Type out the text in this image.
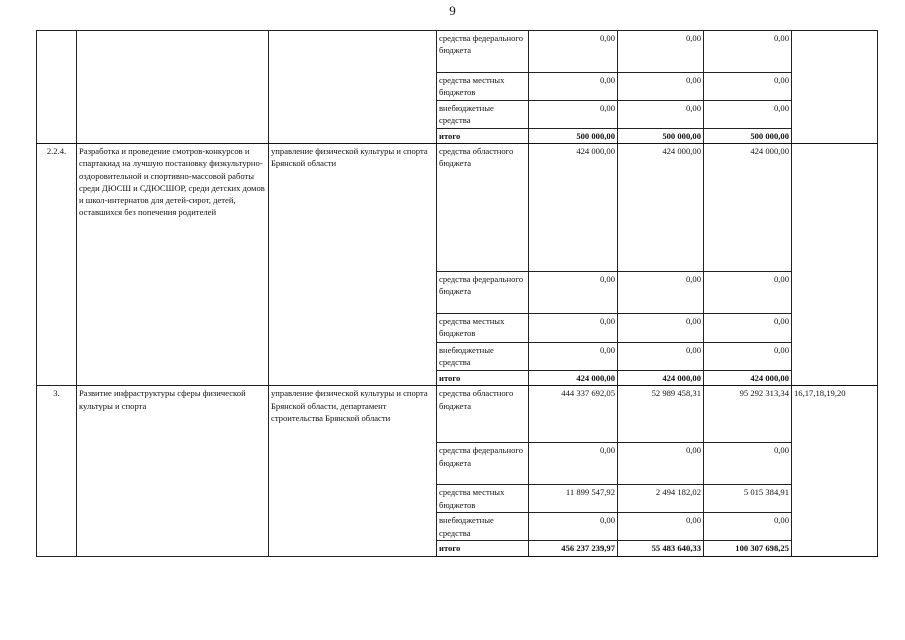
9
			средства федерального бюджета	0,00	0,00	0,00	
			средства местных бюджетов	0,00	0,00	0,00	
			внебюджетные средства	0,00	0,00	0,00	
			итого	500 000,00	500 000,00	500 000,00	
2.2.4.	Разработка и проведение смотров-конкурсов и спартакиад на лучшую постановку физкультурно-оздоровительной и спортивно-массовой работы среди ДЮСШ и СДЮСШОР, среди детских домов и школ-интернатов для детей-сирот, детей, оставшихся без попечения родителей	управление физической культуры и спорта Брянской области	средства областного бюджета	424 000,00	424 000,00	424 000,00	
			средства федерального бюджета	0,00	0,00	0,00	
			средства местных бюджетов	0,00	0,00	0,00	
			внебюджетные средства	0,00	0,00	0,00	
			итого	424 000,00	424 000,00	424 000,00	
3.	Развитие инфраструктуры сферы физической культуры и спорта	управление физической культуры и спорта Брянской области, департамент строительства Брянской области	средства областного бюджета	444 337 692,05	52 989 458,31	95 292 313,34	16,17,18,19,20
			средства федерального бюджета	0,00	0,00	0,00	
			средства местных бюджетов	11 899 547,92	2 494 182,02	5 015 384,91	
			внебюджетные средства	0,00	0,00	0,00	
			итого	456 237 239,97	55 483 640,33	100 307 698,25	
